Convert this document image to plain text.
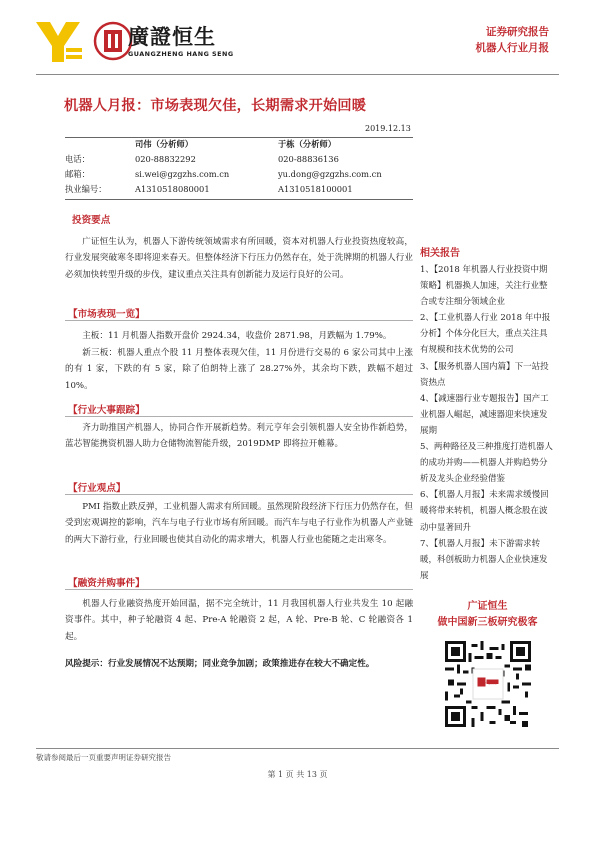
廣證恒生
GUANGZHENG HANG SENG
证券研究报告
机器人行业月报
机器人月报：市场表现欠佳，长期需求开始回暖
2019.12.13
	司伟（分析师）	于栋（分析师）
电话：	020-88832292	020-88836136
邮箱：	si.wei@gzgzhs.com.cn	yu.dong@gzgzhs.com.cn
执业编号：	A1310518080001	A1310518100001
投资要点
广证恒生认为，机器人下游传统领域需求有所回暖，资本对机器人行业投资热度较高，行业发展突破寒冬即将迎来春天。但整体经济下行压力仍然存在，处于洗牌期的机器人行业必须加快转型升级的步伐，建议重点关注具有创新能力及运行良好的公司。
【市场表现一览】
主板：11 月机器人指数开盘价 2924.34，收盘价 2871.98，月跌幅为 1.79%。
新三板：机器人重点个股 11 月整体表现欠佳，11 月份进行交易的 6 家公司其中上涨的有 1 家，下跌的有 5 家，除了伯朗特上涨了 28.27%外，其余均下跌，跌幅不超过 10%。
【行业大事跟踪】
齐力助推国产机器人，协同合作开展新趋势。利元亨年会引领机器人安全协作新趋势，蓝芯智能携资机器人助力仓储物流智能升级，2019DMP 即将拉开帷幕。
【行业观点】
PMI 指数止跌反弹，工业机器人需求有所回暖。虽然现阶段经济下行压力仍然存在，但受到宏观调控的影响，汽车与电子行业市场有所回暖。而汽车与电子行业作为机器人产业链的两大下游行业，行业回暖也使其自动化的需求增大，机器人行业也能随之走出寒冬。
【融资并购事件】
机器人行业融资热度开始回温，据不完全统计，11 月我国机器人行业共发生 10 起融资事件。其中，种子轮融资 4 起、Pre-A 轮融资 2 起，A 轮、Pre-B 轮、C 轮融资各 1 起。
风险提示：行业发展情况不达预期；同业竞争加剧；政策推进存在较大不确定性。
相关报告
1、【2018 年机器人行业投资中期策略】机器换人加速，关注行业整合或专注细分领域企业
2、【工业机器人行业 2018 年中报分析】个体分化巨大，重点关注具有规模和技术优势的公司
3、【服务机器人国内篇】下一站投资热点
4、【减速器行业专题报告】国产工业机器人崛起，减速器迎来快速发展期
5、两种路径及三种推度打造机器人的成功并购——机器人并购趋势分析及龙头企业经验借鉴
6、【机器人月报】未来需求缓慢回暖将带来转机，机器人概念股在波动中显著回升
7、【机器人月报】未下游需求转暖，科创板助力机器人企业快速发展
广证恒生
做中国新三板研究极客
广证恒生
敬请参阅最后一页重要声明证券研究报告
第 1 页 共 13 页
